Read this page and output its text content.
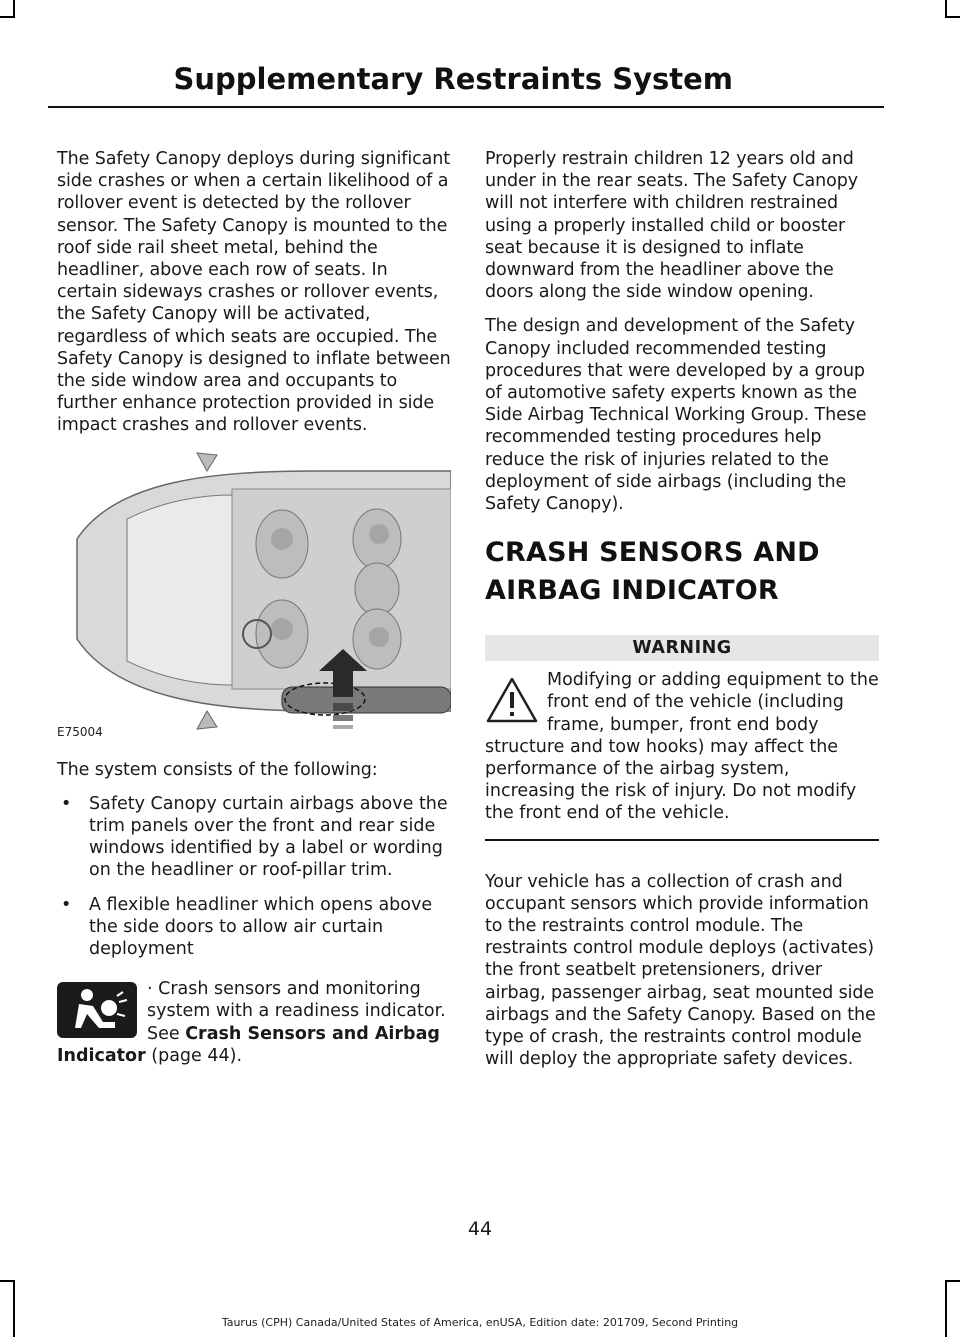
Supplementary Restraints System

The Safety Canopy deploys during significant side crashes or when a certain likelihood of a rollover event is detected by the rollover sensor. The Safety Canopy is mounted to the roof side rail sheet metal, behind the headliner, above each row of seats. In certain sideways crashes or rollover events, the Safety Canopy will be activated, regardless of which seats are occupied. The Safety Canopy is designed to inflate between the side window area and occupants to further enhance protection provided in side impact crashes and rollover events.

E75004

The system consists of the following:

• Safety Canopy curtain airbags above the trim panels over the front and rear side windows identified by a label or wording on the headliner or roof-pillar trim.
• A flexible headliner which opens above the side doors to allow air curtain deployment
· Crash sensors and monitoring system with a readiness indicator. See Crash Sensors and Airbag Indicator (page 44).

Properly restrain children 12 years old and under in the rear seats. The Safety Canopy will not interfere with children restrained using a properly installed child or booster seat because it is designed to inflate downward from the headliner above the doors along the side window opening.

The design and development of the Safety Canopy included recommended testing procedures that were developed by a group of automotive safety experts known as the Side Airbag Technical Working Group. These recommended testing procedures help reduce the risk of injuries related to the deployment of side airbags (including the Safety Canopy).

CRASH SENSORS AND
AIRBAG INDICATOR
WARNING
Modifying or adding equipment to the front end of the vehicle (including frame, bumper, front end body structure and tow hooks) may affect the performance of the airbag system, increasing the risk of injury. Do not modify the front end of the vehicle.

Your vehicle has a collection of crash and occupant sensors which provide information to the restraints control module. The restraints control module deploys (activates) the front seatbelt pretensioners, driver airbag, passenger airbag, seat mounted side airbags and the Safety Canopy. Based on the type of crash, the restraints control module will deploy the appropriate safety devices.

44
Taurus (CPH) Canada/United States of America, enUSA, Edition date: 201709, Second Printing
